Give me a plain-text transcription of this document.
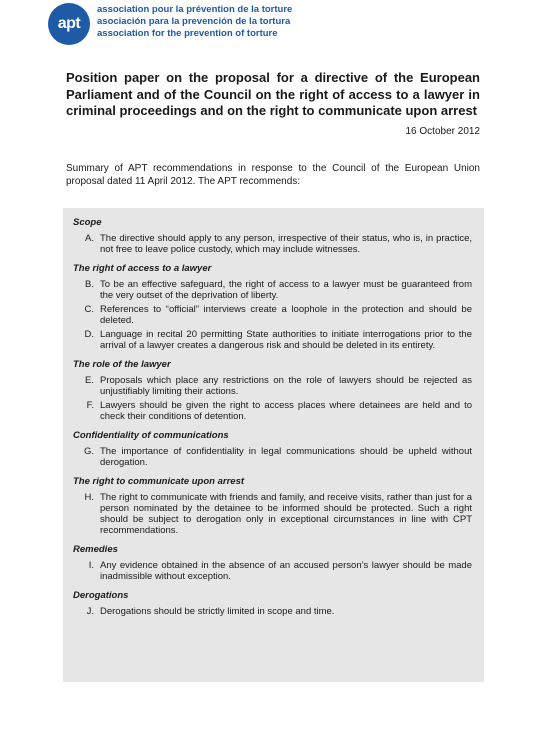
apt
association pour la prévention de la torture
asociación para la prevención de la tortura
association for the prevention of torture
Position paper on the proposal for a directive of the European Parliament and of the Council on the right of access to a lawyer in criminal proceedings and on the right to communicate upon arrest
16 October 2012

Summary of APT recommendations in response to the Council of the European Union proposal dated 11 April 2012. The APT recommends:

Scope
A. The directive should apply to any person, irrespective of their status, who is, in practice, not free to leave police custody, which may include witnesses.
The right of access to a lawyer
B. To be an effective safeguard, the right of access to a lawyer must be guaranteed from the very outset of the deprivation of liberty.
C. References to “official” interviews create a loophole in the protection and should be deleted.
D. Language in recital 20 permitting State authorities to initiate interrogations prior to the arrival of a lawyer creates a dangerous risk and should be deleted in its entirety.
The role of the lawyer
E. Proposals which place any restrictions on the role of lawyers should be rejected as unjustifiably limiting their actions.
F. Lawyers should be given the right to access places where detainees are held and to check their conditions of detention.
Confidentiality of communications
G. The importance of confidentiality in legal communications should be upheld without derogation.
The right to communicate upon arrest
H. The right to communicate with friends and family, and receive visits, rather than just for a person nominated by the detainee to be informed should be protected. Such a right should be subject to derogation only in exceptional circumstances in line with CPT recommendations.
Remedies
I. Any evidence obtained in the absence of an accused person’s lawyer should be made inadmissible without exception.
Derogations
J. Derogations should be strictly limited in scope and time.
